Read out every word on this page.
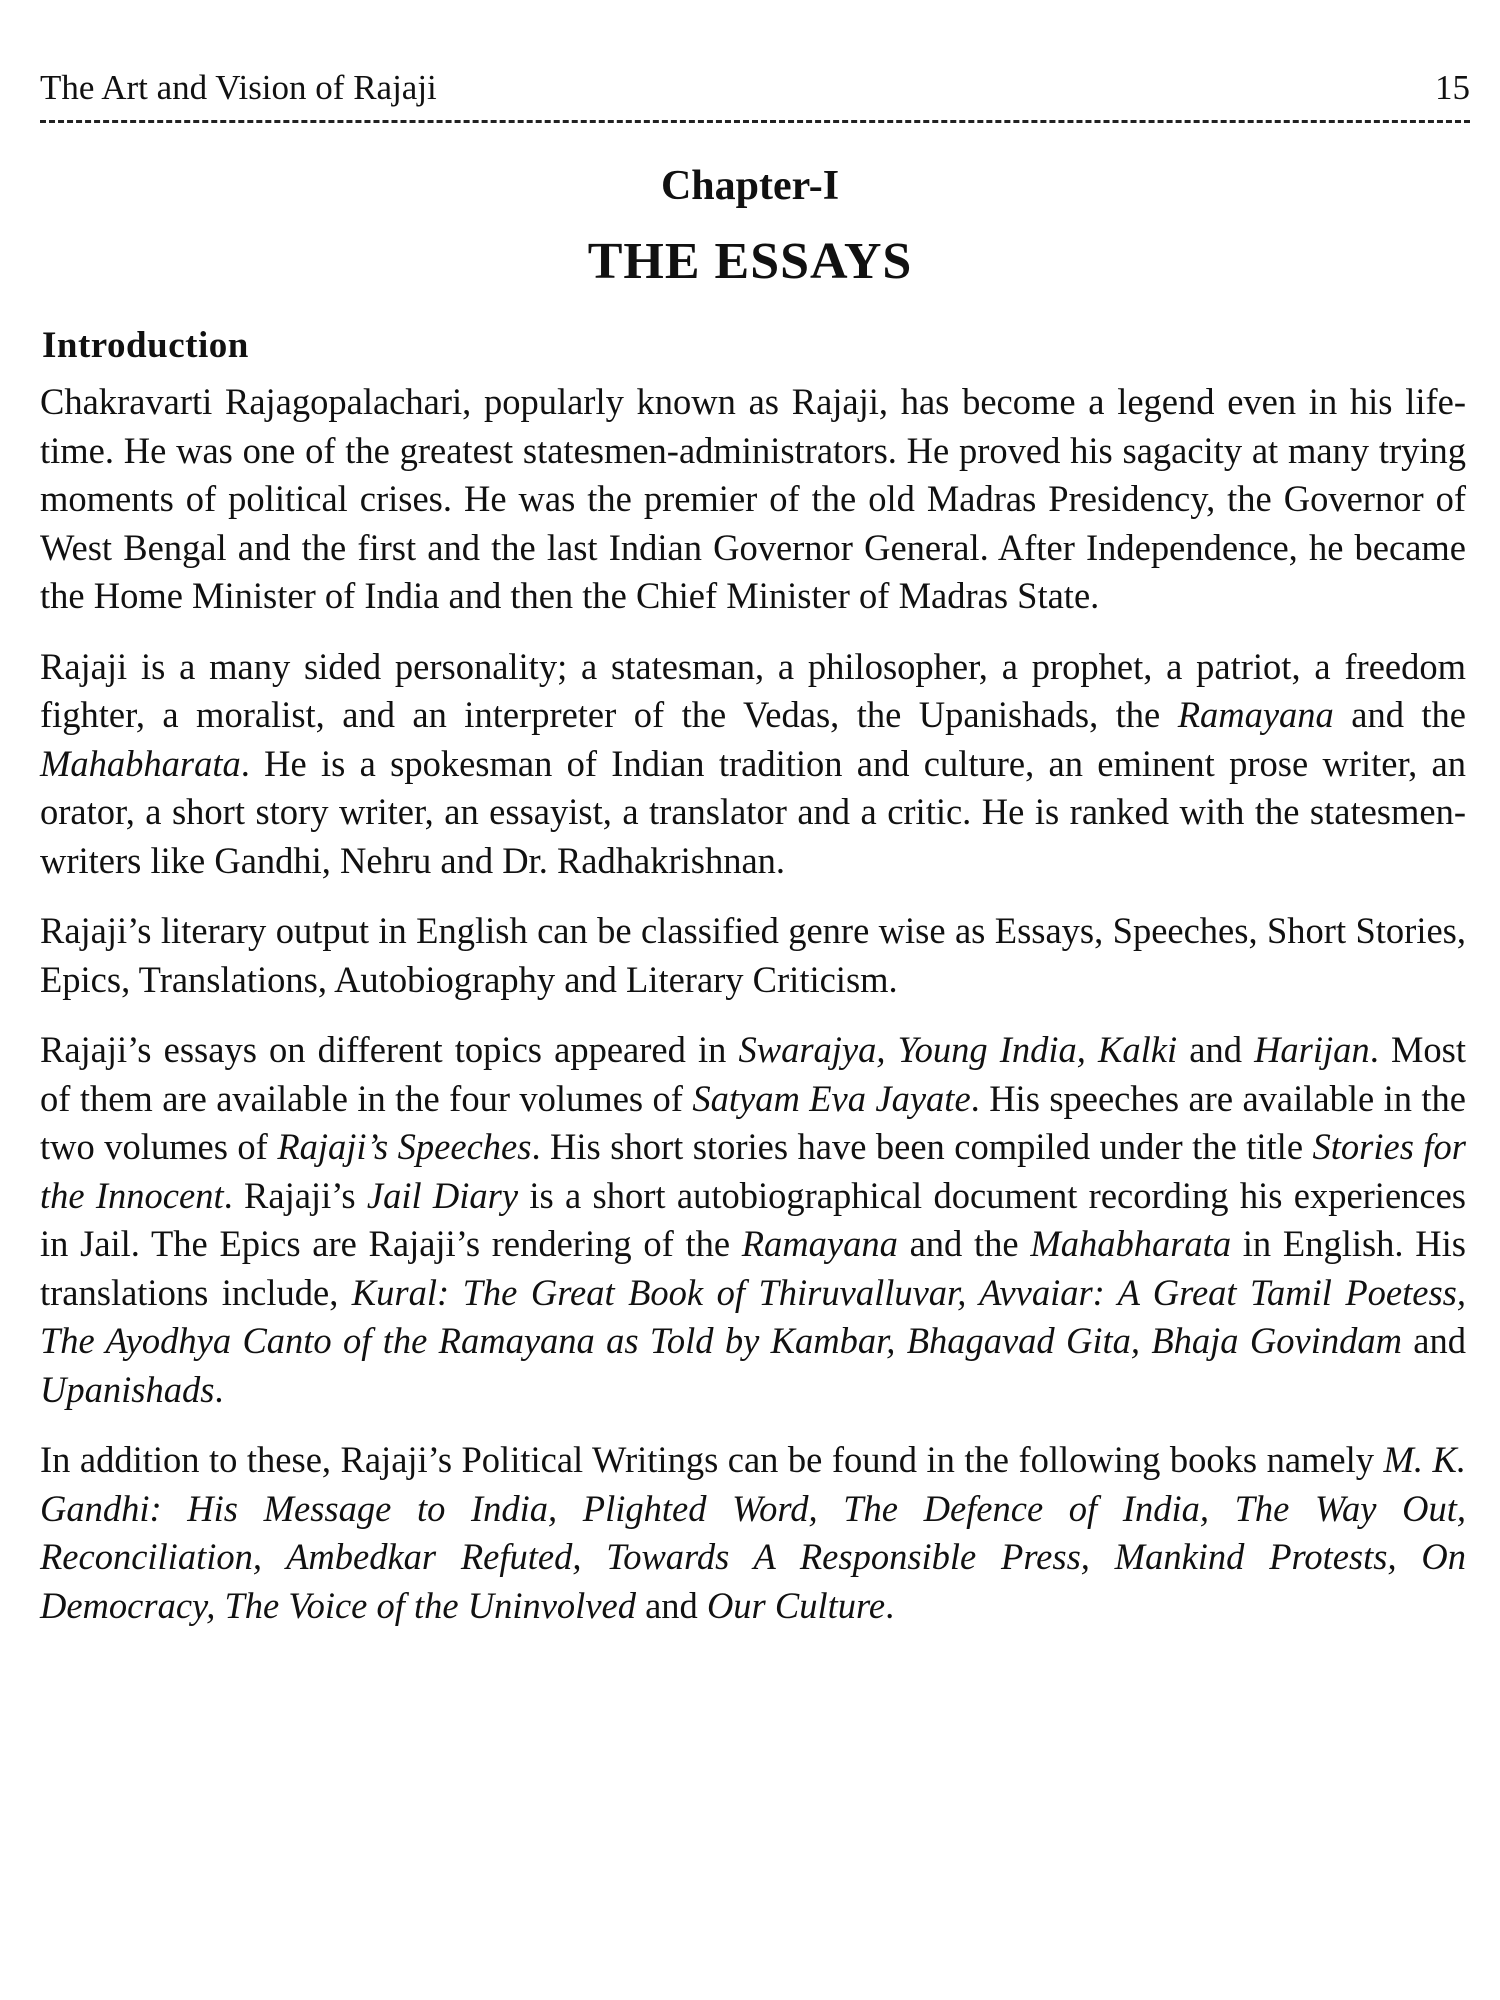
The Art and Vision of Rajaji	15
Chapter-I
THE ESSAYS
Introduction

Chakravarti Rajagopalachari, popularly known as Rajaji, has become a legend even in his life-time. He was one of the greatest statesmen-administrators. He proved his sagacity at many trying moments of political crises. He was the premier of the old Madras Presidency, the Governor of West Bengal and the first and the last Indian Governor General. After Independence, he became the Home Minister of India and then the Chief Minister of Madras State.

Rajaji is a many sided personality; a statesman, a philosopher, a prophet, a patriot, a freedom fighter, a moralist, and an interpreter of the Vedas, the Upanishads, the Ramayana and the Mahabharata. He is a spokesman of Indian tradition and culture, an eminent prose writer, an orator, a short story writer, an essayist, a translator and a critic. He is ranked with the statesmen-writers like Gandhi, Nehru and Dr. Radhakrishnan.

Rajaji’s literary output in English can be classified genre wise as Essays, Speeches, Short Stories, Epics, Translations, Autobiography and Literary Criticism.

Rajaji’s essays on different topics appeared in Swarajya, Young India, Kalki and Harijan. Most of them are available in the four volumes of Satyam Eva Jayate. His speeches are available in the two volumes of Rajaji’s Speeches. His short stories have been compiled under the title Stories for the Innocent. Rajaji’s Jail Diary is a short autobiographical document recording his experiences in Jail. The Epics are Rajaji’s rendering of the Ramayana and the Mahabharata in English. His translations include, Kural: The Great Book of Thiruvalluvar, Avvaiar: A Great Tamil Poetess, The Ayodhya Canto of the Ramayana as Told by Kambar, Bhagavad Gita, Bhaja Govindam and Upanishads.

In addition to these, Rajaji’s Political Writings can be found in the following books namely M. K. Gandhi: His Message to India, Plighted Word, The Defence of India, The Way Out, Reconciliation, Ambedkar Refuted, Towards A Responsible Press, Mankind Protests, On Democracy, The Voice of the Uninvolved and Our Culture.
